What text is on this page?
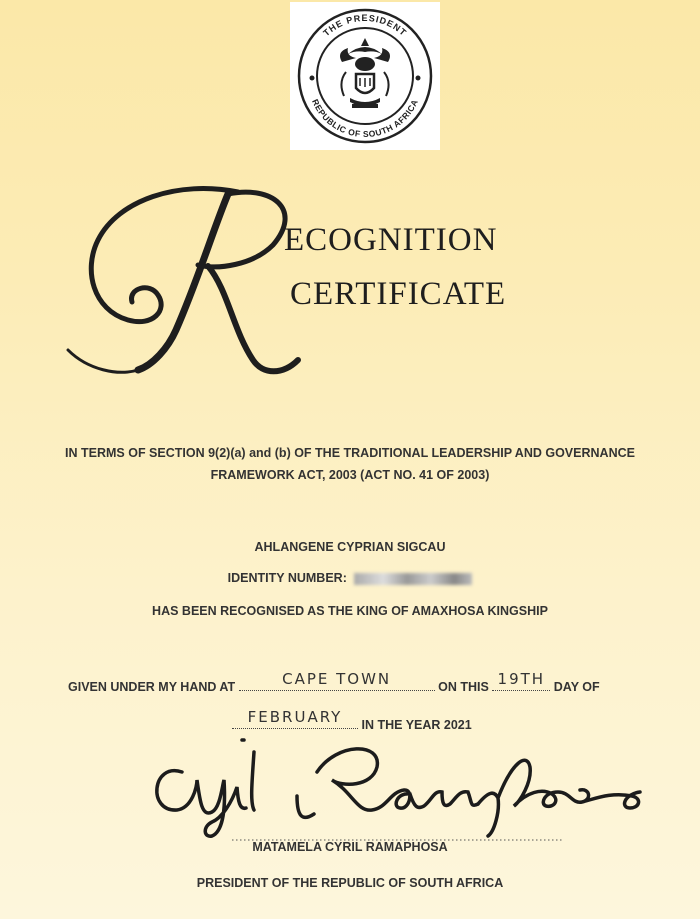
THE PRESIDENT
REPUBLIC OF SOUTH AFRICA
R
ECOGNITION
CERTIFICATE
IN TERMS OF SECTION 9(2)(a) and (b) OF THE TRADITIONAL LEADERSHIP AND GOVERNANCE FRAMEWORK ACT, 2003 (ACT NO. 41 OF 2003)
AHLANGENE CYPRIAN SIGCAU
IDENTITY NUMBER:
HAS BEEN RECOGNISED AS THE KING OF AMAXHOSA KINGSHIP
GIVEN UNDER MY HAND AT	CAPE TOWN	ON THIS 19TH DAY OF
FEBRUARY	IN THE YEAR 2021
Cyril Ramaphosa
MATAMELA CYRIL RAMAPHOSA
PRESIDENT OF THE REPUBLIC OF SOUTH AFRICA
